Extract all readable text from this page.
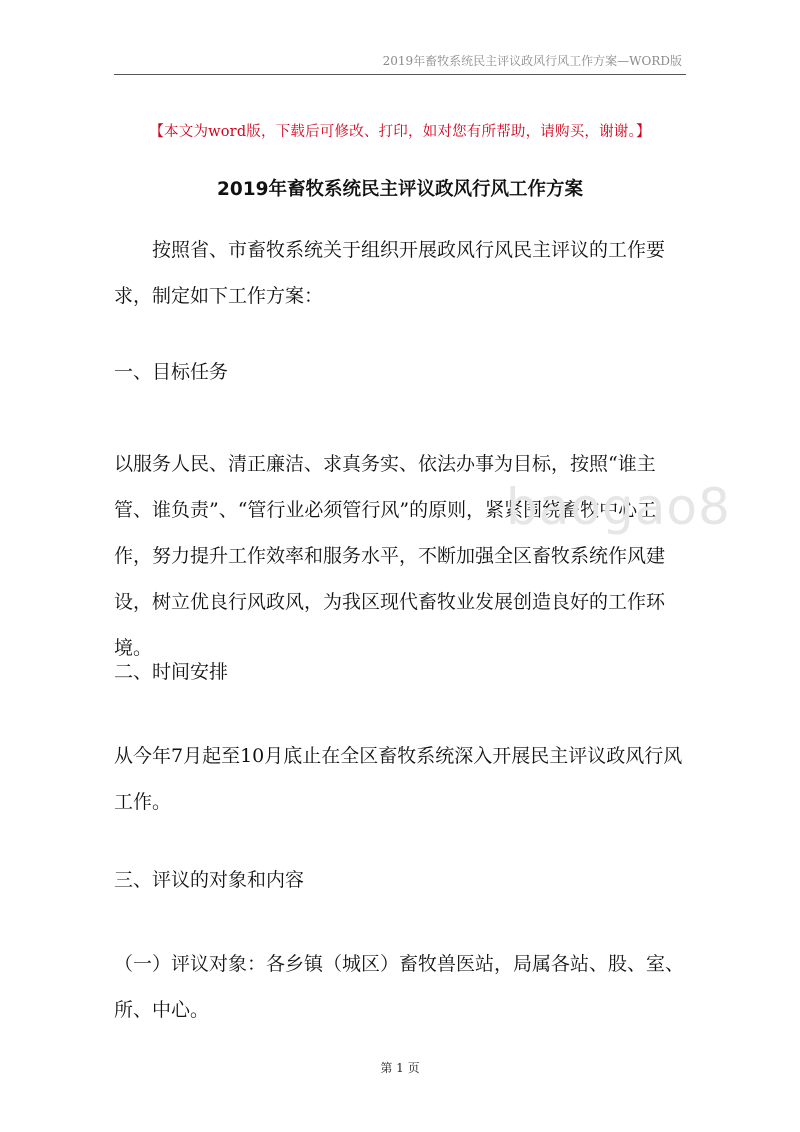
2019年畜牧系统民主评议政风行风工作方案—WORD版
【本文为word版，下载后可修改、打印，如对您有所帮助，请购买，谢谢。】
2019年畜牧系统民主评议政风行风工作方案

按照省、市畜牧系统关于组织开展政风行风民主评议的工作要求，制定如下工作方案：

一、目标任务

以服务人民、清正廉洁、求真务实、依法办事为目标，按照“谁主管、谁负责”、“管行业必须管行风”的原则，紧紧围绕畜牧中心工作，努力提升工作效率和服务水平，不断加强全区畜牧系统作风建设，树立优良行风政风，为我区现代畜牧业发展创造良好的工作环境。

二、时间安排

从今年7月起至10月底止在全区畜牧系统深入开展民主评议政风行风工作。

三、评议的对象和内容

（一）评议对象：各乡镇（城区）畜牧兽医站，局属各站、股、室、所、中心。

baogao8
第 1 页
